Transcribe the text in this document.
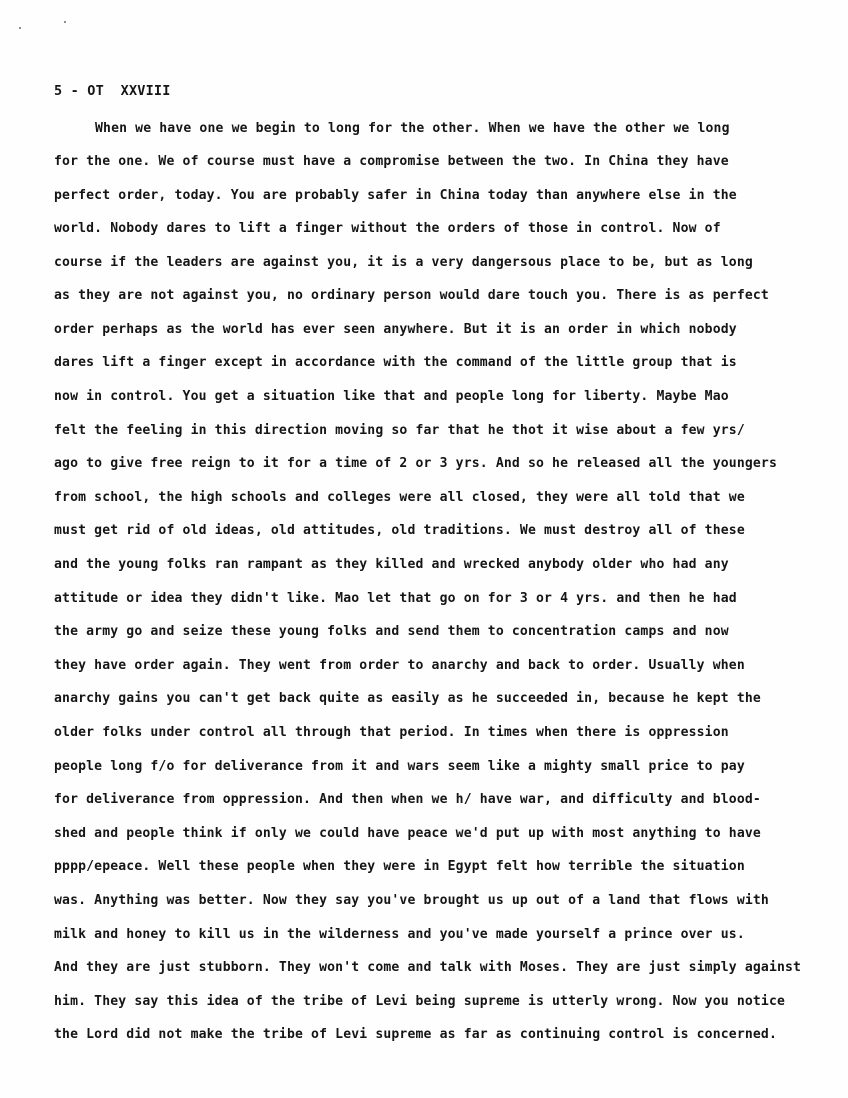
5 - OT  XXVIII
When we have one we begin to long for the other. When we have the other we long
for the one. We of course must have a compromise between the two. In China they have
perfect order, today. You are probably safer in China today than anywhere else in the
world. Nobody dares to lift a finger without the orders of those in control. Now of
course if the leaders are against you, it is a very dangersous place to be, but as long
as they are not against you, no ordinary person would dare touch you. There is as perfect
order perhaps as the world has ever seen anywhere. But it is an order in which nobody
dares lift a finger except in accordance with the command of the little group that is
now in control. You get a situation like that and people long for liberty. Maybe Mao
felt the feeling in this direction moving so far that he thot it wise about a few yrs/
ago to give free reign to it for a time of 2 or 3 yrs. And so he released all the youngers
from school, the high schools and colleges were all closed, they were all told that we
must get rid of old ideas, old attitudes, old traditions. We must destroy all of these
and the young folks ran rampant as they killed and wrecked anybody older who had any
attitude or idea they didn't like. Mao let that go on for 3 or 4 yrs. and then he had
the army go and seize these young folks and send them to concentration camps and now
they have order again. They went from order to anarchy and back to order. Usually when
anarchy gains you can't get back quite as easily as he succeeded in, because he kept the
older folks under control all through that period. In times when there is oppression
people long f/o for deliverance from it and wars seem like a mighty small price to pay
for deliverance from oppression. And then when we h/ have war, and difficulty and blood-
shed and people think if only we could have peace we'd put up with most anything to have
pppp/epeace. Well these people when they were in Egypt felt how terrible the situation
was. Anything was better. Now they say you've brought us up out of a land that flows with
milk and honey to kill us in the wilderness and you've made yourself a prince over us.
And they are just stubborn. They won't come and talk with Moses. They are just simply against
him. They say this idea of the tribe of Levi being supreme is utterly wrong. Now you notice
the Lord did not make the tribe of Levi supreme as far as continuing control is concerned.
